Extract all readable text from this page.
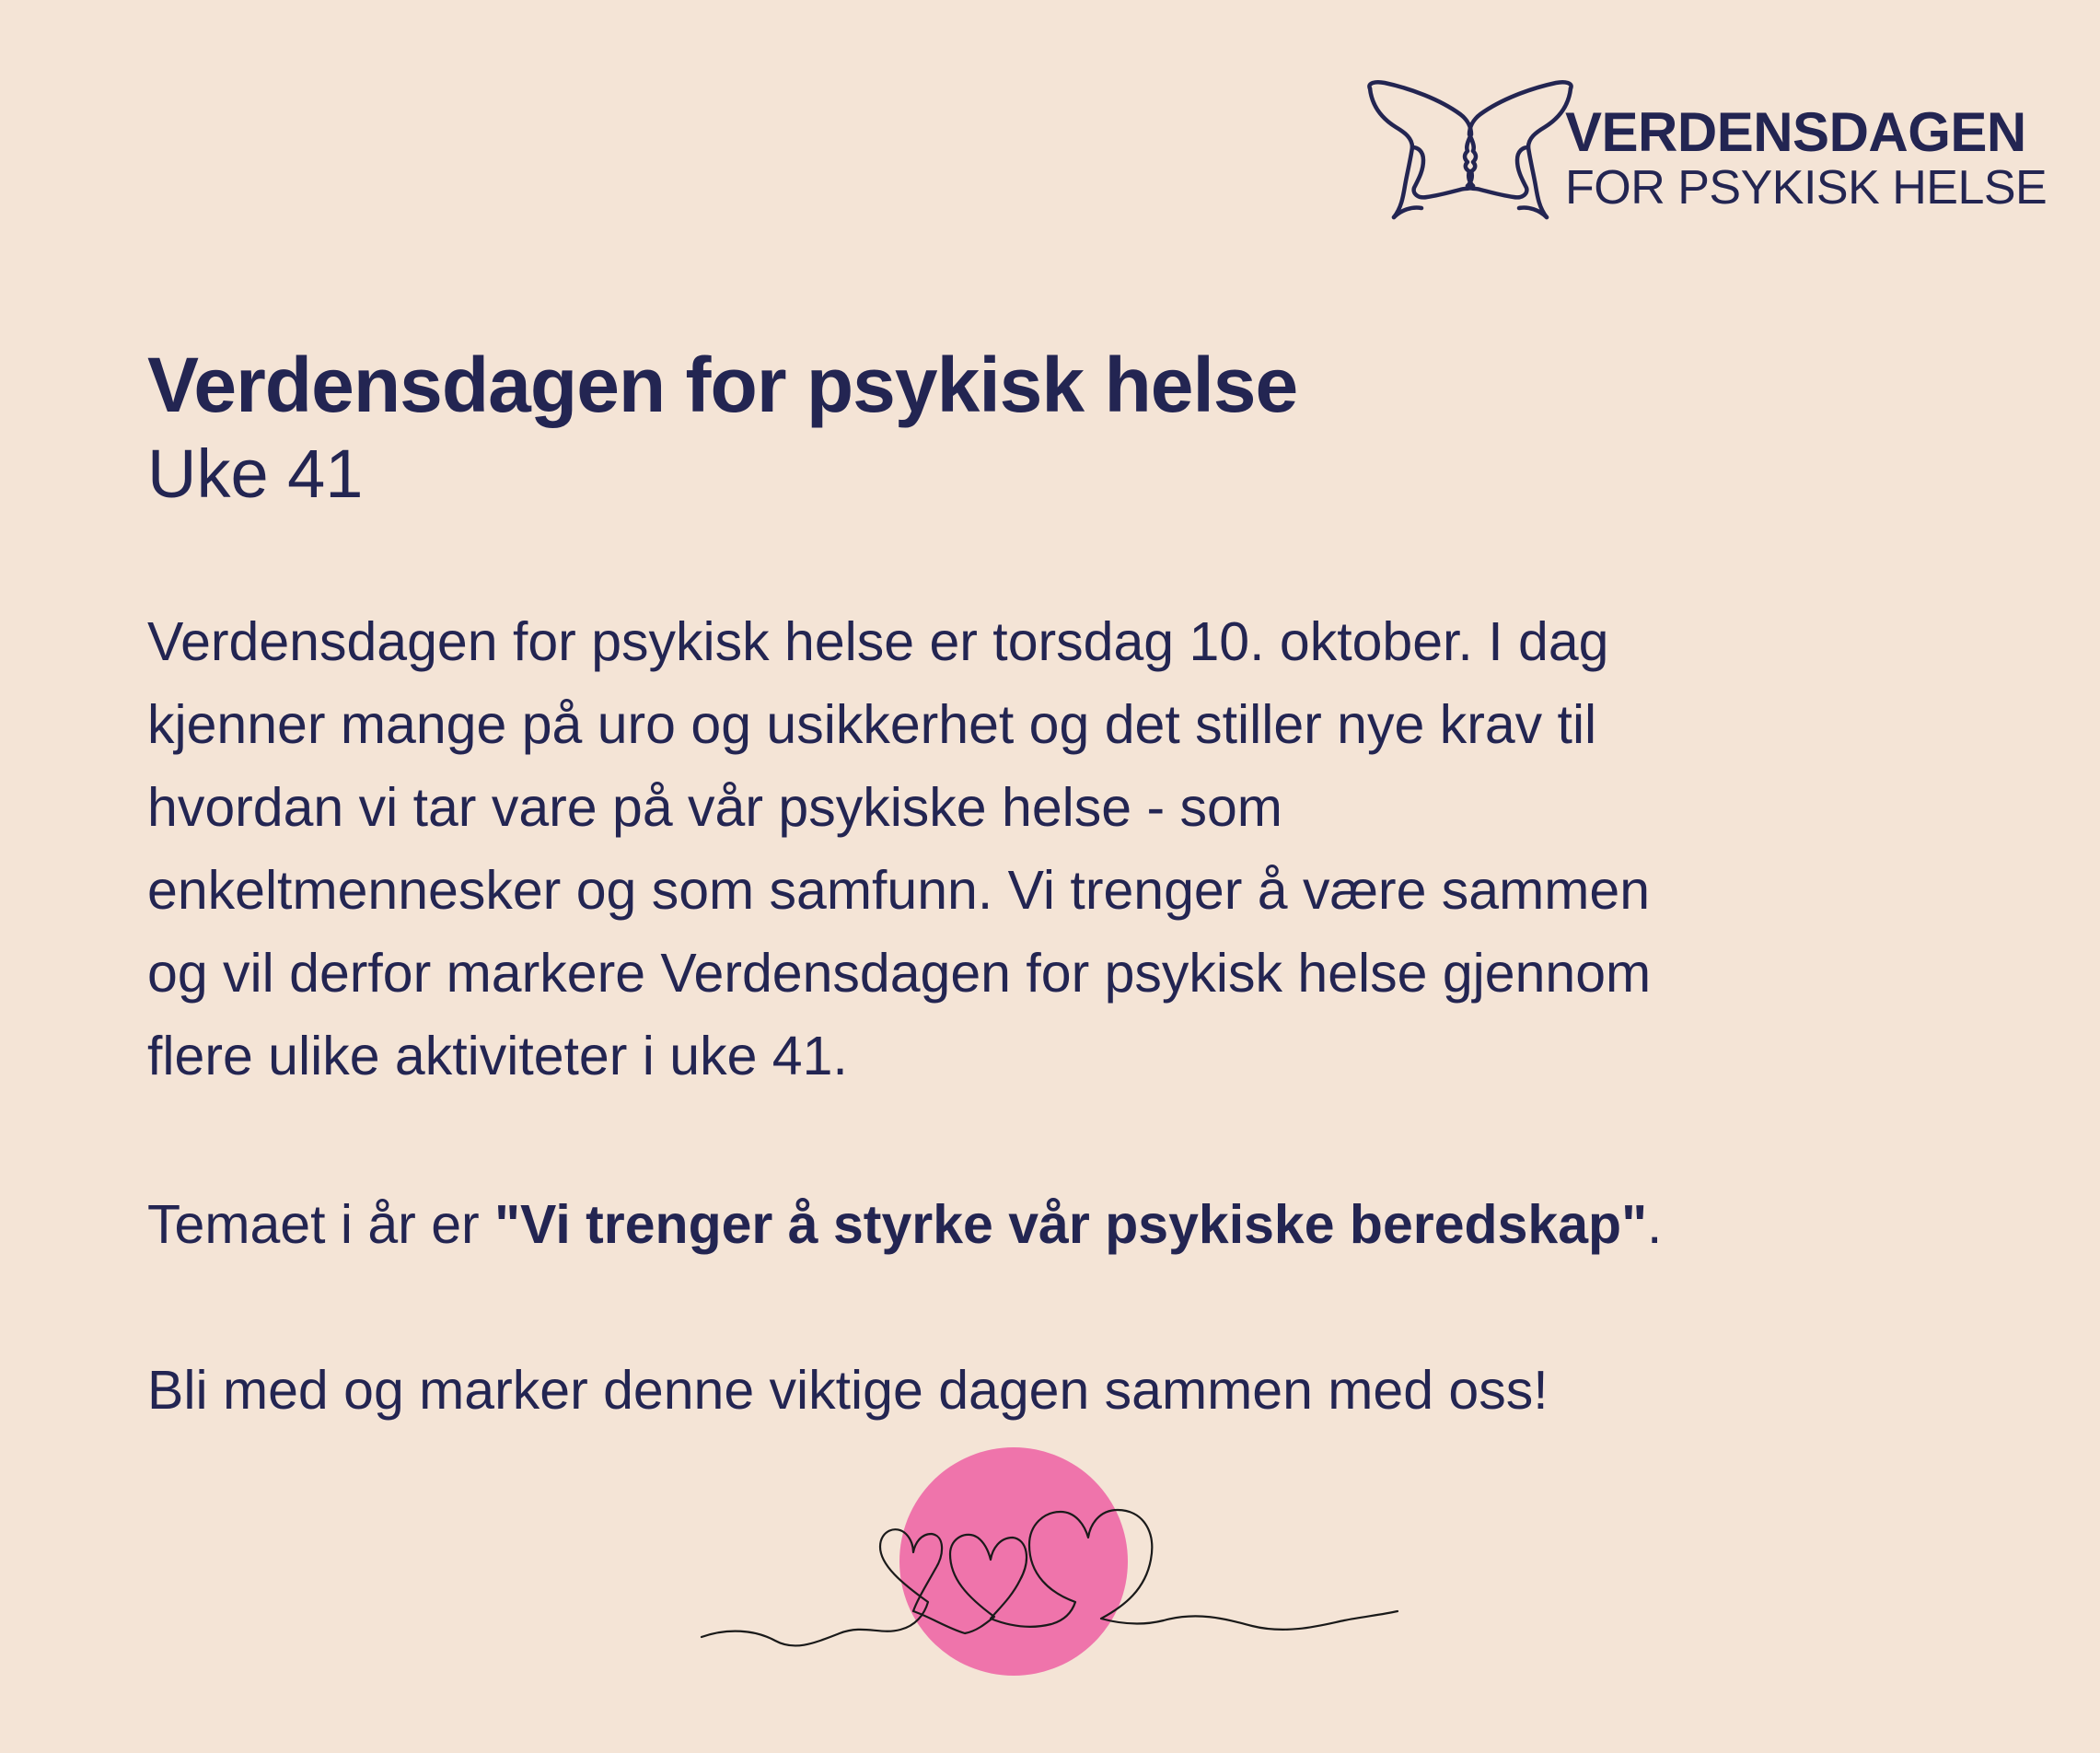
VERDENSDAGEN
FOR PSYKISK HELSE
Verdensdagen for psykisk helse

Uke 41

Verdensdagen for psykisk helse er torsdag 10. oktober. I dag
kjenner mange på uro og usikkerhet og det stiller nye krav til
hvordan vi tar vare på vår psykiske helse - som
enkeltmennesker og som samfunn. Vi trenger å være sammen
og vil derfor markere Verdensdagen for psykisk helse gjennom
flere ulike aktiviteter i uke 41.

Temaet i år er "Vi trenger å styrke vår psykiske beredskap".

Bli med og marker denne viktige dagen sammen med oss!
